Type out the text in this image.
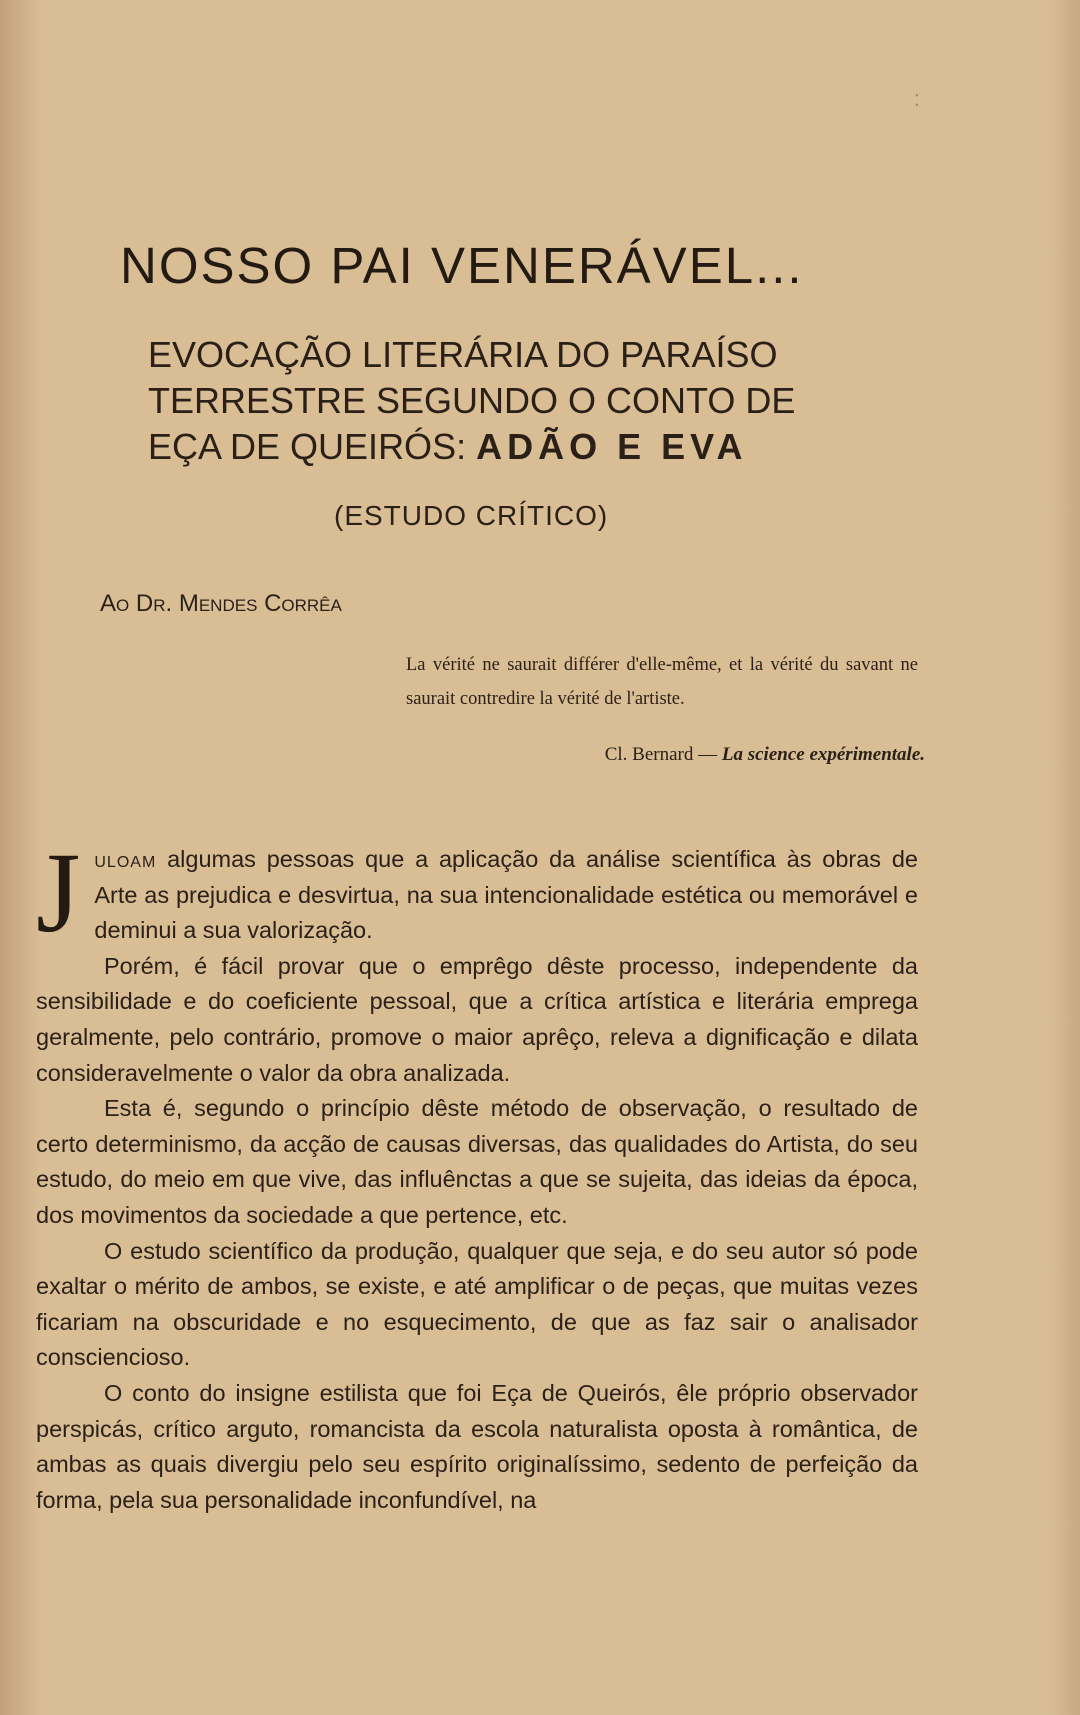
:
NOSSO PAI VENERÁVEL...
EVOCAÇÃO LITERÁRIA DO PARAÍSO
TERRESTRE SEGUNDO O CONTO DE
EÇA DE QUEIRÓS: ADÃO E EVA
(ESTUDO CRÍTICO)
Ao Dr. Mendes Corrêa

La vérité ne saurait différer d'elle-même, et la vérité du savant ne saurait contredire la vérité de l'artiste.

Cl. Bernard — La science expérimentale.

Juloam algumas pessoas que a aplicação da análise scientífica às obras de Arte as prejudica e desvirtua, na sua intencionalidade estética ou memorável e deminui a sua valorização.

Porém, é fácil provar que o emprêgo dêste processo, independente da sensibilidade e do coeficiente pessoal, que a crítica artística e literária emprega geralmente, pelo contrário, promove o maior aprêço, releva a dignificação e dilata consideravelmente o valor da obra analizada.

Esta é, segundo o princípio dêste método de observação, o resultado de certo determinismo, da acção de causas diversas, das qualidades do Artista, do seu estudo, do meio em que vive, das influênctas a que se sujeita, das ideias da época, dos movimentos da sociedade a que pertence, etc.

O estudo scientífico da produção, qualquer que seja, e do seu autor só pode exaltar o mérito de ambos, se existe, e até amplificar o de peças, que muitas vezes ficariam na obscuridade e no esquecimento, de que as faz sair o analisador consciencioso.

O conto do insigne estilista que foi Eça de Queirós, êle próprio observador perspicás, crítico arguto, romancista da escola naturalista oposta à romântica, de ambas as quais divergiu pelo seu espírito originalíssimo, sedento de perfeição da forma, pela sua personalidade inconfundível, na
